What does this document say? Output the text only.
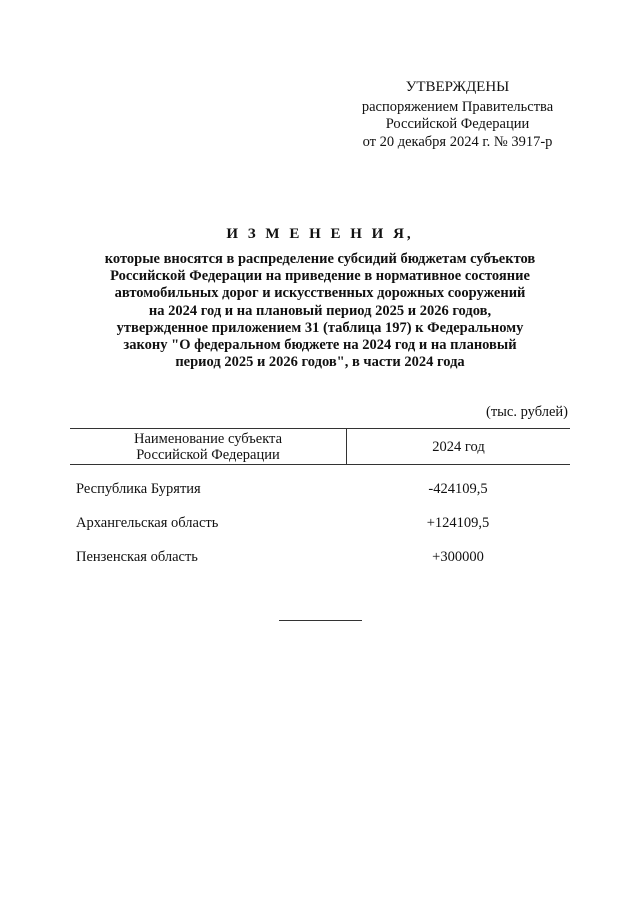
УТВЕРЖДЕНЫ
распоряжением Правительства
Российской Федерации
от 20 декабря 2024 г. № 3917-р
И З М Е Н Е Н И Я,
которые вносятся в распределение субсидий бюджетам субъектов
Российской Федерации на приведение в нормативное состояние
автомобильных дорог и искусственных дорожных сооружений
на 2024 год и на плановый период 2025 и 2026 годов,
утвержденное приложением 31 (таблица 197) к Федеральному
закону "О федеральном бюджете на 2024 год и на плановый
период 2025 и 2026 годов", в части 2024 года
(тыс. рублей)
Наименование субъекта
Российской Федерации	2024 год
Республика Бурятия	-424109,5
Архангельская область	+124109,5
Пензенская область	+300000
